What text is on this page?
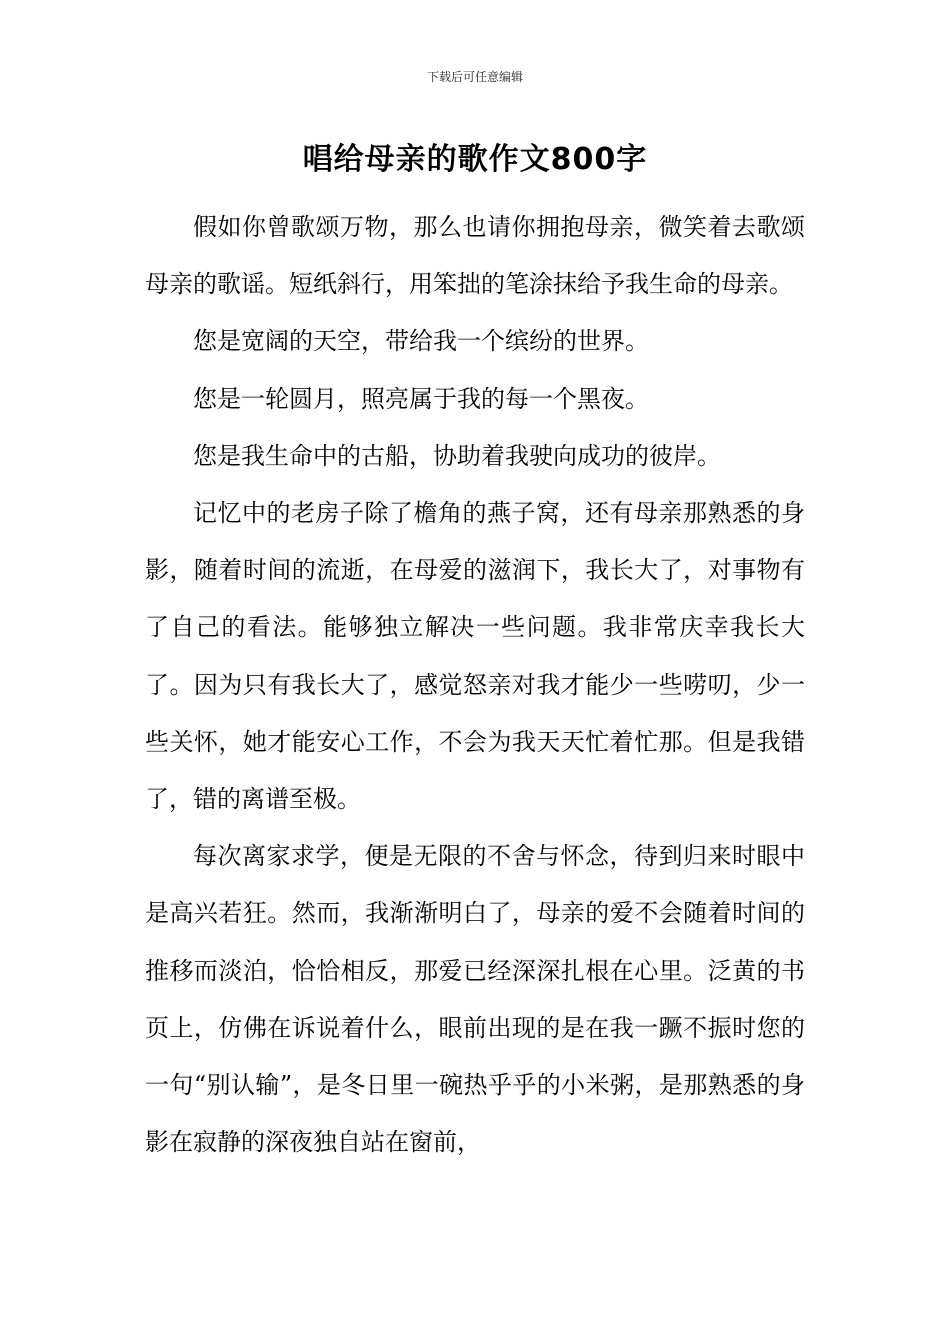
下载后可任意编辑
唱给母亲的歌作文800字

假如你曾歌颂万物，那么也请你拥抱母亲，微笑着去歌颂母亲的歌谣。短纸斜行，用笨拙的笔涂抹给予我生命的母亲。

您是宽阔的天空，带给我一个缤纷的世界。

您是一轮圆月，照亮属于我的每一个黑夜。

您是我生命中的古船，协助着我驶向成功的彼岸。

记忆中的老房子除了檐角的燕子窝，还有母亲那熟悉的身影，随着时间的流逝，在母爱的滋润下，我长大了，对事物有了自己的看法。能够独立解决一些问题。我非常庆幸我长大了。因为只有我长大了，感觉怒亲对我才能少一些唠叨，少一些关怀，她才能安心工作，不会为我天天忙着忙那。但是我错了，错的离谱至极。

每次离家求学，便是无限的不舍与怀念，待到归来时眼中是高兴若狂。然而，我渐渐明白了，母亲的爱不会随着时间的推移而淡泊，恰恰相反，那爱已经深深扎根在心里。泛黄的书页上，仿佛在诉说着什么，眼前出现的是在我一蹶不振时您的一句“别认输”，是冬日里一碗热乎乎的小米粥，是那熟悉的身影在寂静的深夜独自站在窗前，
